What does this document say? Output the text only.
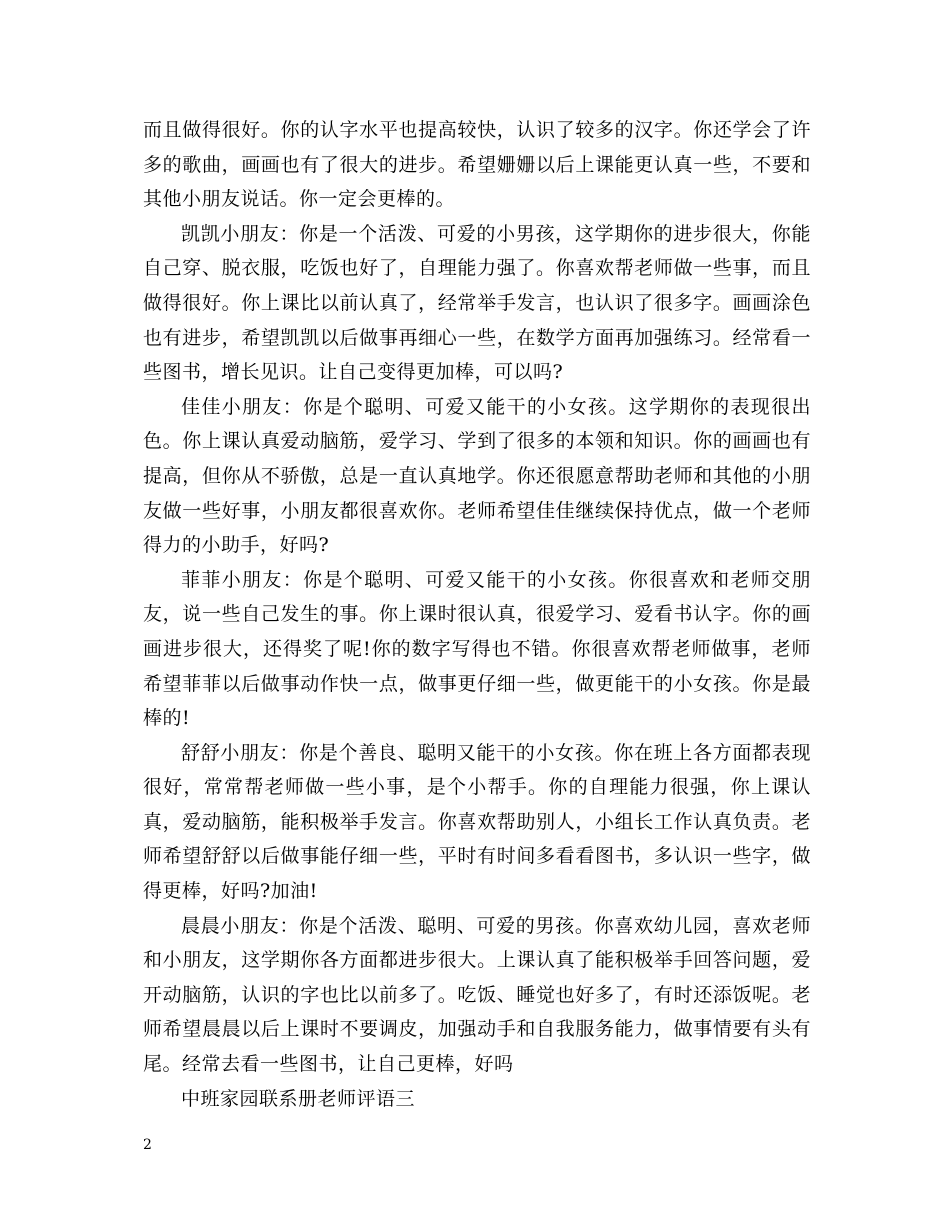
而且做得很好。你的认字水平也提高较快，认识了较多的汉字。你还学会了许多的歌曲，画画也有了很大的进步。希望姗姗以后上课能更认真一些，不要和其他小朋友说话。你一定会更棒的。

凯凯小朋友：你是一个活泼、可爱的小男孩，这学期你的进步很大，你能自己穿、脱衣服，吃饭也好了，自理能力强了。你喜欢帮老师做一些事，而且做得很好。你上课比以前认真了，经常举手发言，也认识了很多字。画画涂色也有进步，希望凯凯以后做事再细心一些，在数学方面再加强练习。经常看一些图书，增长见识。让自己变得更加棒，可以吗?

佳佳小朋友：你是个聪明、可爱又能干的小女孩。这学期你的表现很出色。你上课认真爱动脑筋，爱学习、学到了很多的本领和知识。你的画画也有提高，但你从不骄傲，总是一直认真地学。你还很愿意帮助老师和其他的小朋友做一些好事，小朋友都很喜欢你。老师希望佳佳继续保持优点，做一个老师得力的小助手，好吗?

菲菲小朋友：你是个聪明、可爱又能干的小女孩。你很喜欢和老师交朋友，说一些自己发生的事。你上课时很认真，很爱学习、爱看书认字。你的画画进步很大，还得奖了呢!你的数字写得也不错。你很喜欢帮老师做事，老师希望菲菲以后做事动作快一点，做事更仔细一些，做更能干的小女孩。你是最棒的!

舒舒小朋友：你是个善良、聪明又能干的小女孩。你在班上各方面都表现很好，常常帮老师做一些小事，是个小帮手。你的自理能力很强，你上课认真，爱动脑筋，能积极举手发言。你喜欢帮助别人，小组长工作认真负责。老师希望舒舒以后做事能仔细一些，平时有时间多看看图书，多认识一些字，做得更棒，好吗?加油!

晨晨小朋友：你是个活泼、聪明、可爱的男孩。你喜欢幼儿园，喜欢老师和小朋友，这学期你各方面都进步很大。上课认真了能积极举手回答问题，爱开动脑筋，认识的字也比以前多了。吃饭、睡觉也好多了，有时还添饭呢。老师希望晨晨以后上课时不要调皮，加强动手和自我服务能力，做事情要有头有尾。经常去看一些图书，让自己更棒，好吗

中班家园联系册老师评语三

2
